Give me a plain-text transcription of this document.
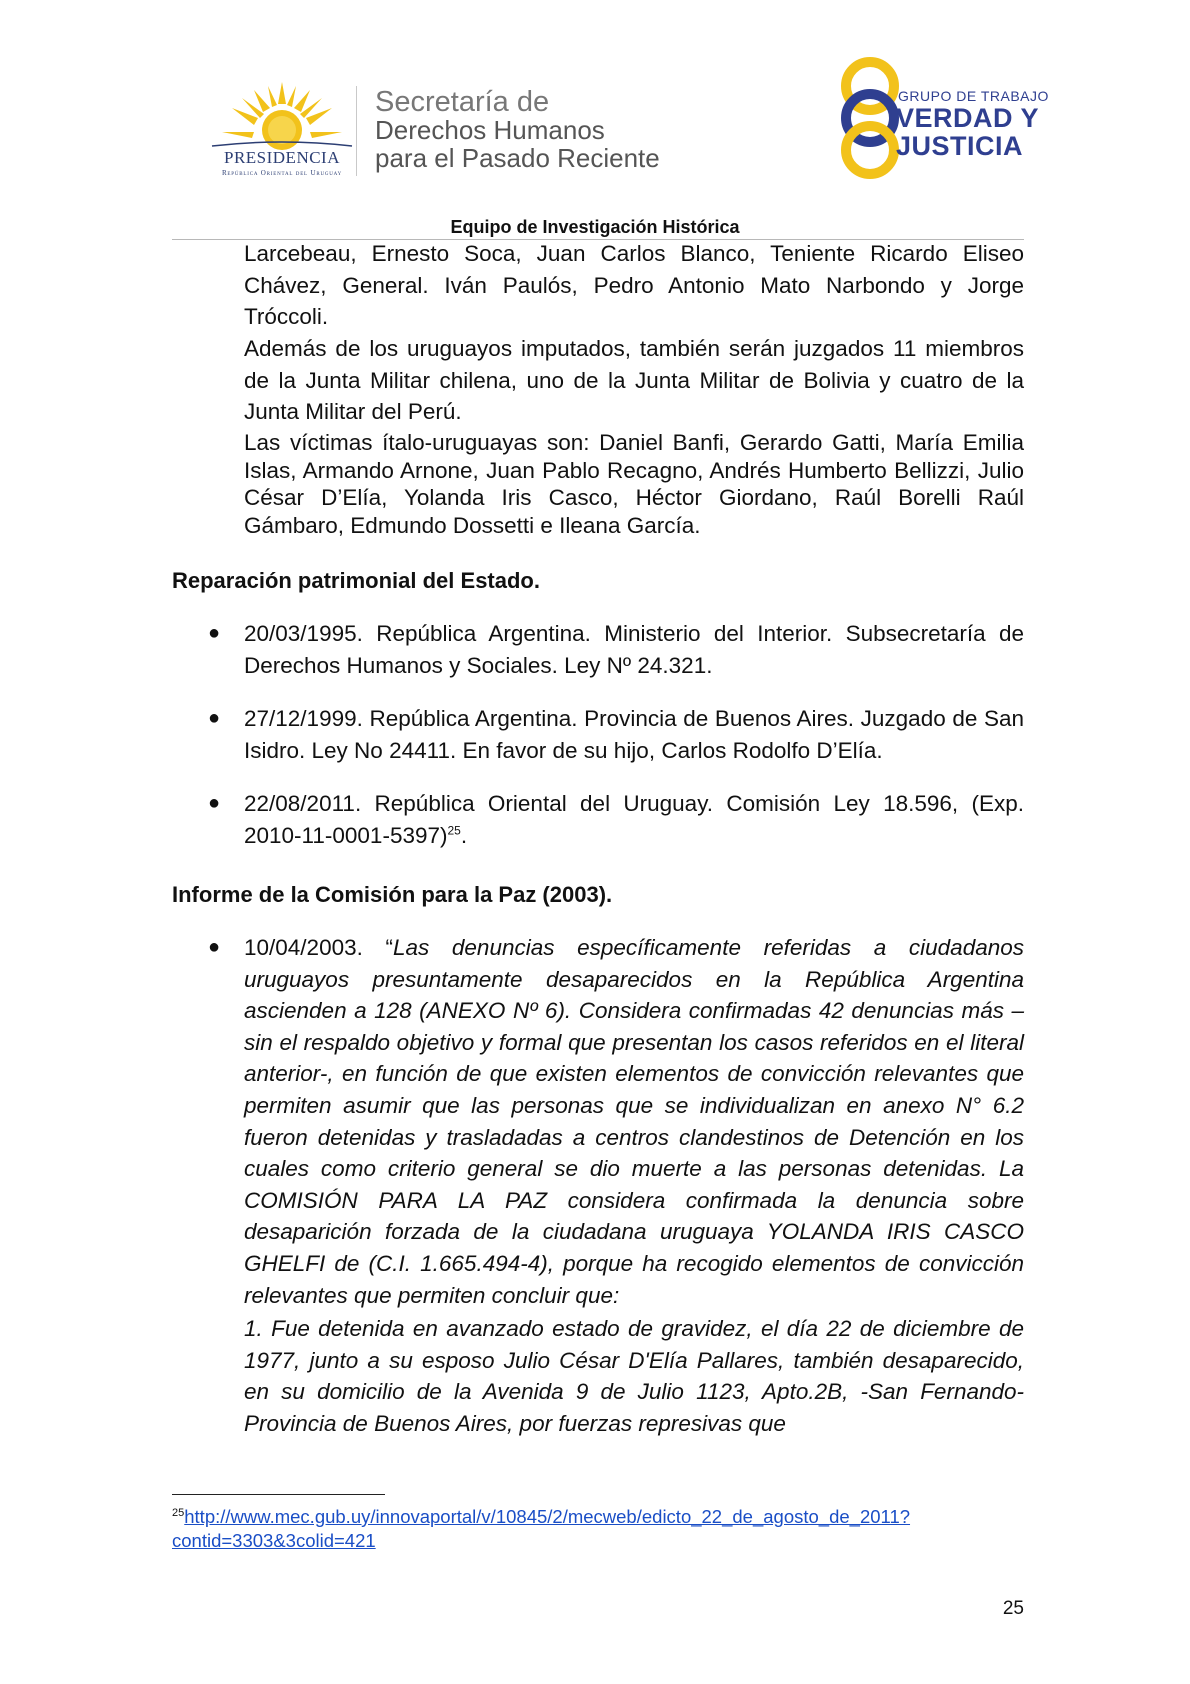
PRESIDENCIA
República Oriental del Uruguay
Secretaría de
Derechos Humanos
para el Pasado Reciente
GRUPO DE TRABAJO
VERDAD Y
JUSTICIA
Equipo de Investigación Histórica
Larcebeau, Ernesto Soca, Juan Carlos Blanco, Teniente Ricardo Eliseo Chávez, General. Iván Paulós, Pedro Antonio Mato Narbondo y Jorge Tróccoli.
Además de los uruguayos imputados, también serán juzgados 11 miembros de la Junta Militar chilena, uno de la Junta Militar de Bolivia y cuatro de la Junta Militar del Perú.
Las víctimas ítalo-uruguayas son: Daniel Banfi, Gerardo Gatti, María Emilia Islas, Armando Arnone, Juan Pablo Recagno, Andrés Humberto Bellizzi, Julio César D’Elía, Yolanda Iris Casco, Héctor Giordano, Raúl Borelli Raúl Gámbaro, Edmundo Dossetti e Ileana García.
Reparación patrimonial del Estado.
● 20/03/1995. República Argentina. Ministerio del Interior. Subsecretaría de Derechos Humanos y Sociales. Ley Nº 24.321.
● 27/12/1999. República Argentina. Provincia de Buenos Aires. Juzgado de San Isidro. Ley No 24411. En favor de su hijo, Carlos Rodolfo D’Elía.
● 22/08/2011. República Oriental del Uruguay. Comisión Ley 18.596, (Exp. 2010-11-0001-5397)$^{25}$.
Informe de la Comisión para la Paz (2003).
● 10/04/2003. “Las denuncias específicamente referidas a ciudadanos uruguayos presuntamente desaparecidos en la República Argentina ascienden a 128 (ANEXO Nº 6). Considera confirmadas 42 denuncias más –sin el respaldo objetivo y formal que presentan los casos referidos en el literal anterior-, en función de que existen elementos de convicción relevantes que permiten asumir que las personas que se individualizan en anexo N° 6.2 fueron detenidas y trasladadas a centros clandestinos de Detención en los cuales como criterio general se dio muerte a las personas detenidas. La COMISIÓN PARA LA PAZ considera confirmada la denuncia sobre desaparición forzada de la ciudadana uruguaya YOLANDA IRIS CASCO GHELFI de (C.I. 1.665.494-4), porque ha recogido elementos de convicción relevantes que permiten concluir que:
1. Fue detenida en avanzado estado de gravidez, el día 22 de diciembre de 1977, junto a su esposo Julio César D'Elía Pallares, también desaparecido, en su domicilio de la Avenida 9 de Julio 1123, Apto.2B, -San Fernando- Provincia de Buenos Aires, por fuerzas represivas que
$^{25}$http://www.mec.gub.uy/innovaportal/v/10845/2/mecweb/edicto_22_de_agosto_de_2011?
contid=3303&3colid=421
25
